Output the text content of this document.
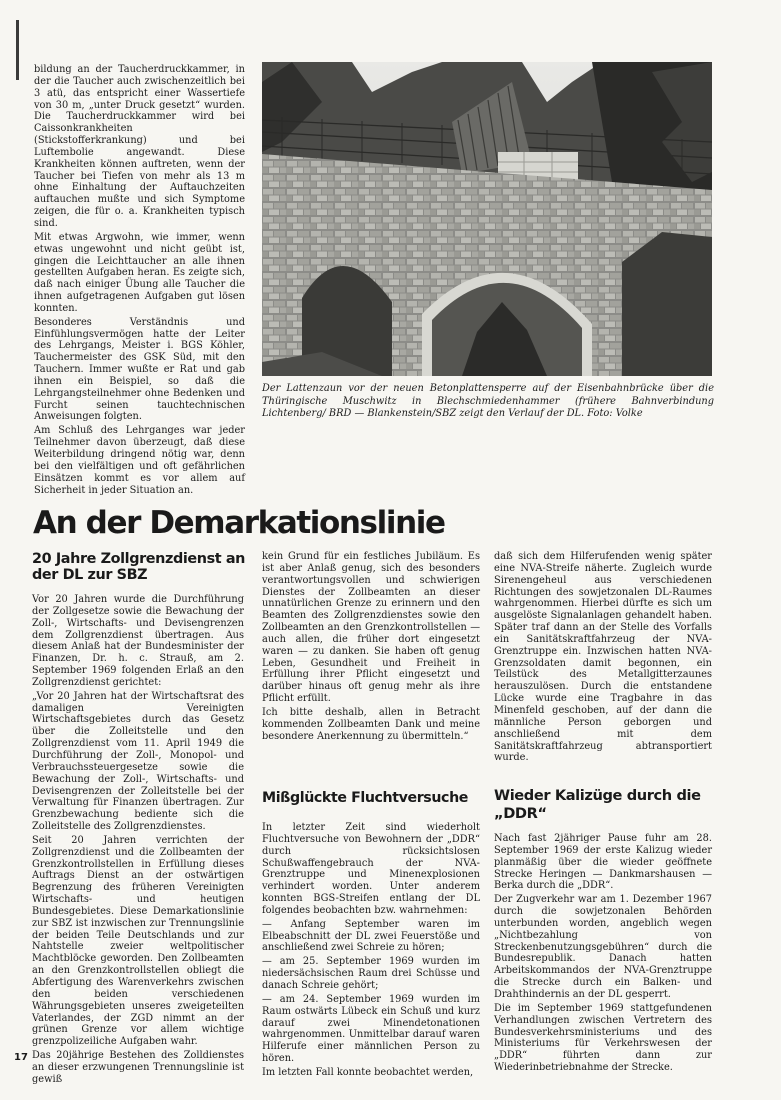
bildung an der Taucherdruckkammer, in der die Taucher auch zwischenzeitlich bei 3 atü, das entspricht einer Wassertiefe von 30 m, „unter Druck gesetzt“ wurden. Die Taucherdruckkammer wird bei Caissonkrankheiten (Stickstofferkrankung) und bei Luftembolie angewandt. Diese Krankheiten können auftreten, wenn der Taucher bei Tiefen von mehr als 13 m ohne Einhaltung der Auftauchzeiten auftauchen mußte und sich Symptome zeigen, die für o. a. Krankheiten typisch sind.

Mit etwas Argwohn, wie immer, wenn etwas ungewohnt und nicht geübt ist, gingen die Leichttaucher an alle ihnen gestellten Aufgaben heran. Es zeigte sich, daß nach einiger Übung alle Taucher die ihnen aufgetragenen Aufgaben gut lösen konnten.

Besonderes Verständnis und Einfühlungsvermögen hatte der Leiter des Lehrgangs, Meister i. BGS Köhler, Tauchermeister des GSK Süd, mit den Tauchern. Immer wußte er Rat und gab ihnen ein Beispiel, so daß die Lehrgangsteilnehmer ohne Bedenken und Furcht seinen tauchtechnischen Anweisungen folgten.

Am Schluß des Lehrganges war jeder Teilnehmer davon überzeugt, daß diese Weiterbildung dringend nötig war, denn bei den vielfältigen und oft gefährlichen Einsätzen kommt es vor allem auf Sicherheit in jeder Situation an.

Der Lattenzaun vor der neuen Betonplattensperre auf der Eisenbahnbrücke über die Thüringische Muschwitz in Blechschmiedenhammer (frühere Bahnverbindung Lichtenberg/ BRD — Blankenstein/SBZ zeigt den Verlauf der DL. Foto: Volke
An der Demarkationslinie
20 Jahre Zollgrenzdienst an der DL zur SBZ

Vor 20 Jahren wurde die Durchführung der Zollgesetze sowie die Bewachung der Zoll-, Wirtschafts- und Devisengrenzen dem Zollgrenzdienst übertragen. Aus diesem Anlaß hat der Bundesminister der Finanzen, Dr. h. c. Strauß, am 2. September 1969 folgenden Erlaß an den Zollgrenzdienst gerichtet:

„Vor 20 Jahren hat der Wirtschaftsrat des damaligen Vereinigten Wirtschaftsgebietes durch das Gesetz über die Zolleitstelle und den Zollgrenzdienst vom 11. April 1949 die Durchführung der Zoll-, Monopol- und Verbrauchssteuergesetze sowie die Bewachung der Zoll-, Wirtschafts- und Devisengrenzen der Zolleitstelle bei der Verwaltung für Finanzen übertragen. Zur Grenzbewachung bediente sich die Zolleitstelle des Zollgrenzdienstes.

Seit 20 Jahren verrichten der Zollgrenzdienst und die Zollbeamten der Grenzkontrollstellen in Erfüllung dieses Auftrags Dienst an der ostwärtigen Begrenzung des früheren Vereinigten Wirtschafts- und heutigen Bundesgebietes. Diese Demarkationslinie zur SBZ ist inzwischen zur Trennungslinie der beiden Teile Deutschlands und zur Nahtstelle zweier weltpolitischer Machtblöcke geworden. Den Zollbeamten an den Grenzkontrollstellen obliegt die Abfertigung des Warenverkehrs zwischen den beiden verschiedenen Währungsgebieten unseres zweigeteilten Vaterlandes, der ZGD nimmt an der grünen Grenze vor allem wichtige grenzpolizeiliche Aufgaben wahr.

Das 20jährige Bestehen des Zolldienstes an dieser erzwungenen Trennungslinie ist gewiß

kein Grund für ein festliches Jubiläum. Es ist aber Anlaß genug, sich des besonders verantwortungsvollen und schwierigen Dienstes der Zollbeamten an dieser unnatürlichen Grenze zu erinnern und den Beamten des Zollgrenzdienstes sowie den Zollbeamten an den Grenzkontrollstellen — auch allen, die früher dort eingesetzt waren — zu danken. Sie haben oft genug Leben, Gesundheit und Freiheit in Erfüllung ihrer Pflicht eingesetzt und darüber hinaus oft genug mehr als ihre Pflicht erfüllt.

Ich bitte deshalb, allen in Betracht kommenden Zollbeamten Dank und meine besondere Anerkennung zu übermitteln.“

daß sich dem Hilferufenden wenig später eine NVA-Streife näherte. Zugleich wurde Sirenengeheul aus verschiedenen Richtungen des sowjetzonalen DL-Raumes wahrgenommen. Hierbei dürfte es sich um ausgelöste Signalanlagen gehandelt haben. Später traf dann an der Stelle des Vorfalls ein Sanitätskraftfahrzeug der NVA-Grenztruppe ein. Inzwischen hatten NVA-Grenzsoldaten damit begonnen, ein Teilstück des Metallgitterzaunes herauszulösen. Durch die entstandene Lücke wurde eine Tragbahre in das Minenfeld geschoben, auf der dann die männliche Person geborgen und anschließend mit dem Sanitätskraftfahrzeug abtransportiert wurde.

Mißglückte Fluchtversuche

In letzter Zeit sind wiederholt Fluchtversuche von Bewohnern der „DDR“ durch rücksichtslosen Schußwaffengebrauch der NVA-Grenztruppe und Minenexplosionen verhindert worden. Unter anderem konnten BGS-Streifen entlang der DL folgendes beobachten bzw. wahrnehmen:

— Anfang September waren im Elbeabschnitt der DL zwei Feuerstöße und anschließend zwei Schreie zu hören;

— am 25. September 1969 wurden im niedersächsischen Raum drei Schüsse und danach Schreie gehört;

— am 24. September 1969 wurden im Raum ostwärts Lübeck ein Schuß und kurz darauf zwei Minendetonationen wahrgenommen. Unmittelbar darauf waren Hilferufe einer männlichen Person zu hören.

Im letzten Fall konnte beobachtet werden,

Wieder Kalizüge durch die „DDR“

Nach fast 2jähriger Pause fuhr am 28. September 1969 der erste Kalizug wieder planmäßig über die wieder geöffnete Strecke Heringen — Dankmarshausen — Berka durch die „DDR“.

Der Zugverkehr war am 1. Dezember 1967 durch die sowjetzonalen Behörden unterbunden worden, angeblich wegen „Nichtbezahlung von Streckenbenutzungsgebühren“ durch die Bundesrepublik. Danach hatten Arbeitskommandos der NVA-Grenztruppe die Strecke durch ein Balken- und Drahthindernis an der DL gesperrt.

Die im September 1969 stattgefundenen Verhandlungen zwischen Vertretern des Bundesverkehrsministeriums und des Ministeriums für Verkehrswesen der „DDR“ führten dann zur Wiederinbetriebnahme der Strecke.

17
